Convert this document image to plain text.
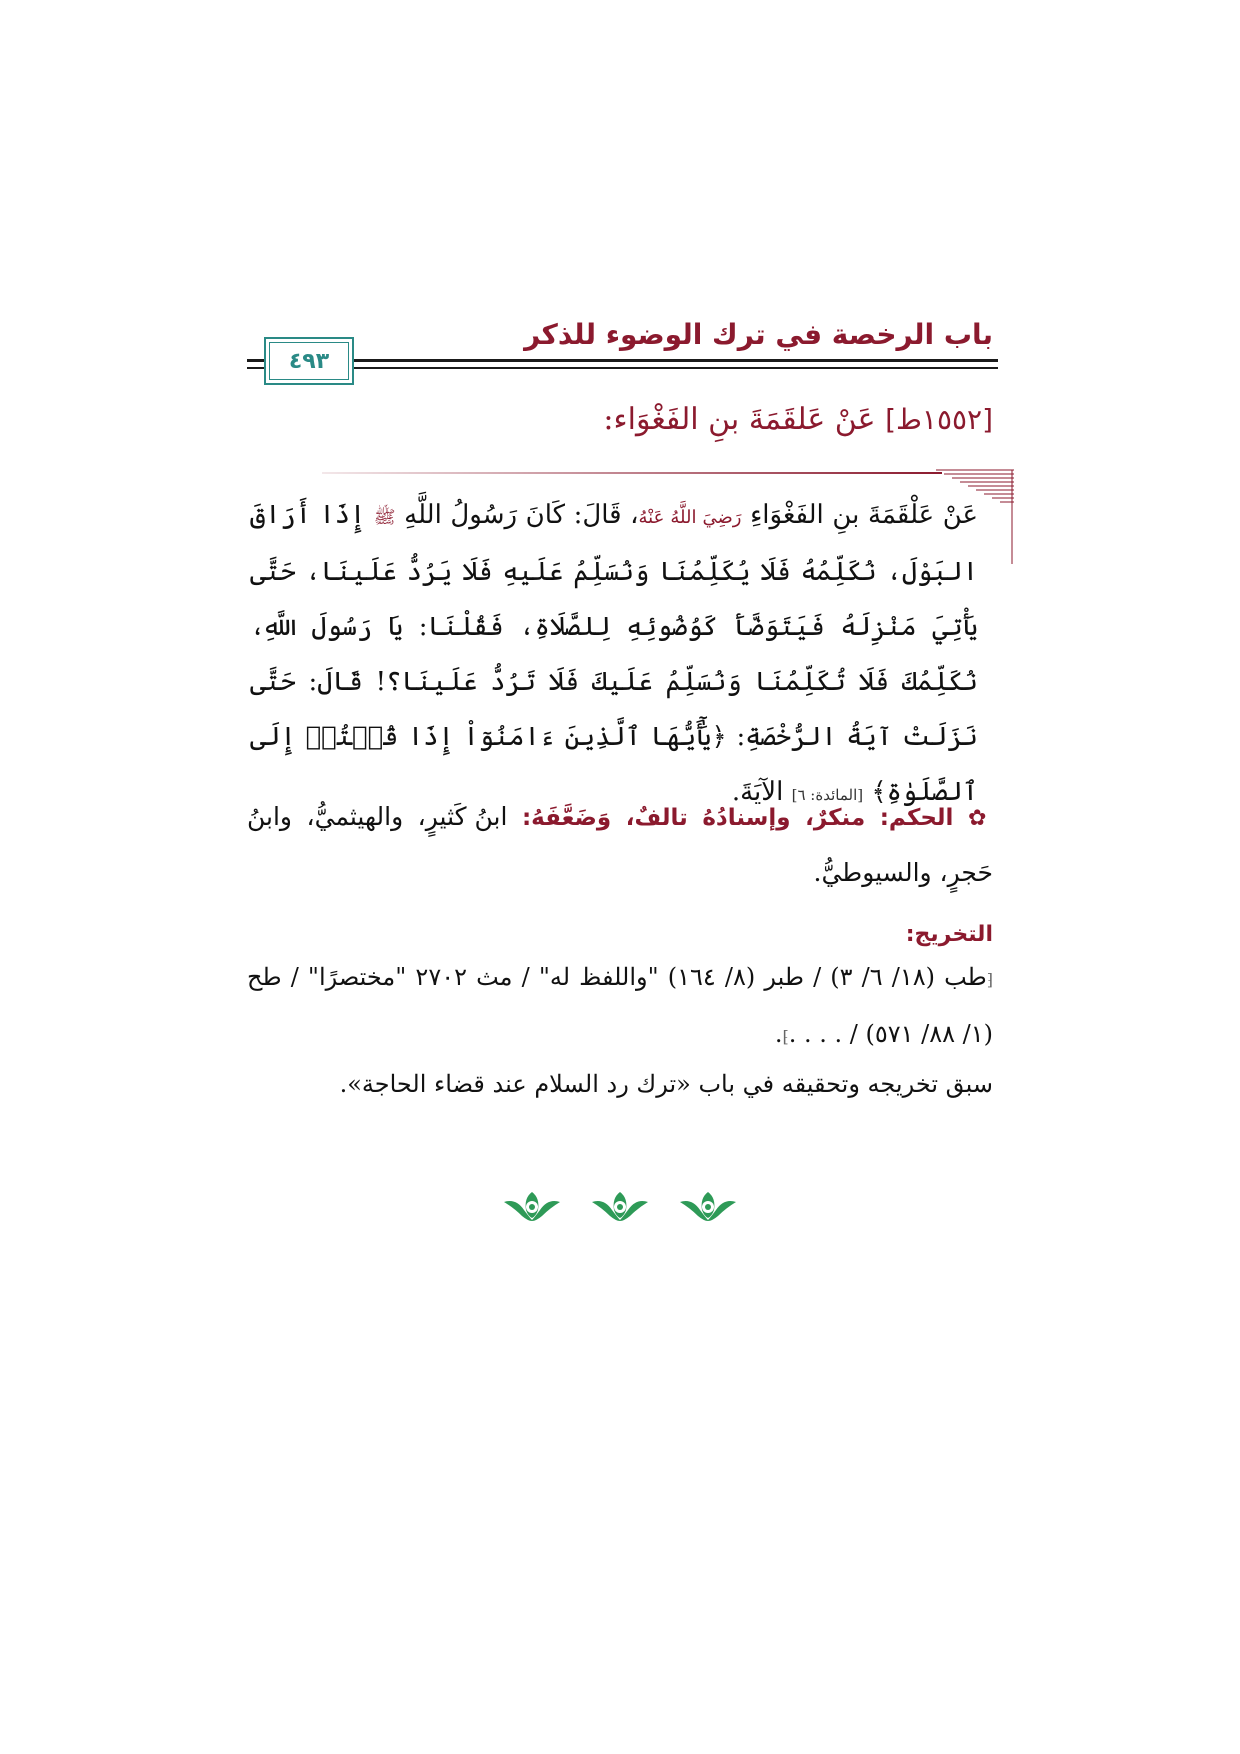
باب الرخصة في ترك الوضوء للذكر
٤٩٣
[١٥٥٢ط] عَنْ عَلقَمَةَ بنِ الفَغْوَاء:
عَنْ عَلْقَمَةَ بنِ الفَغْوَاءِ رَضِيَ اللَّهُ عَنْهُ، قَالَ: كَانَ رَسُولُ اللَّهِ ﷺ إِذَا أَرَاقَ البَوْلَ، نُكَلِّمُهُ فَلَا يُكَلِّمُنَا وَنُسَلِّمُ عَلَيهِ فَلَا يَرُدُّ عَلَينَا، حَتَّى يَأْتِيَ مَنْزِلَهُ فَيَتَوَضَّأَ كَوُضُوئِهِ لِلصَّلَاةِ، فَقُلْنَا: يَا رَسُولَ اللَّهِ، نُكَلِّمُكَ فَلَا تُكَلِّمُنَا وَنُسَلِّمُ عَلَيكَ فَلَا تَرُدُّ عَلَينَا؟! قَالَ: حَتَّى نَزَلَتْ آيَةُ الرُّخْصَةِ: ﴿يَٰٓأَيُّهَا ٱلَّذِينَ ءَامَنُوٓاْ إِذَا قُمۡتُمۡ إِلَى ٱلصَّلَوٰةِ﴾ [المائدة: ٦] الآيَةَ.
✿ الحكم: منكرٌ، وإسنادُهُ تالفٌ، وَضَعَّفَهُ: ابنُ كَثيرٍ، والهيثميُّ، وابنُ حَجرٍ، والسيوطيُّ.
التخريج:
⁅طب (١٨/ ٦/ ٣) / طبر (٨/ ١٦٤) "واللفظ له" / مث ٢٧٠٢ "مختصرًا" / طح (١/ ٨٨/ ٥٧١) / . . . .⁆.
سبق تخريجه وتحقيقه في باب «ترك رد السلام عند قضاء الحاجة».
